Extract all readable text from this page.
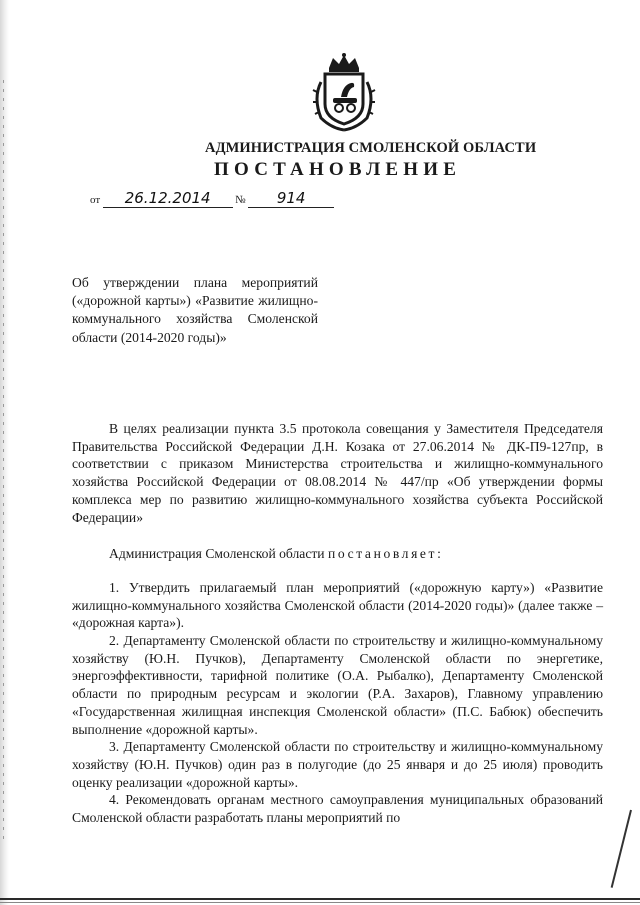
АДМИНИСТРАЦИЯ СМОЛЕНСКОЙ ОБЛАСТИ
ПОСТАНОВЛЕНИЕ
от 26.12.2014 № 914
Об утверждении плана мероприятий («дорожной карты») «Развитие жилищно-коммунального хозяйства Смоленской области (2014-2020 годы)»

В целях реализации пункта 3.5 протокола совещания у Заместителя Председателя Правительства Российской Федерации Д.Н. Козака от 27.06.2014 № ДК-П9-127пр, в соответствии с приказом Министерства строительства и жилищно-коммунального хозяйства Российской Федерации от 08.08.2014 № 447/пр «Об утверждении формы комплекса мер по развитию жилищно-коммунального хозяйства субъекта Российской Федерации»

Администрация Смоленской области постановляет:

1. Утвердить прилагаемый план мероприятий («дорожную карту») «Развитие жилищно-коммунального хозяйства Смоленской области (2014-2020 годы)» (далее также – «дорожная карта»).

2. Департаменту Смоленской области по строительству и жилищно-коммунальному хозяйству (Ю.Н. Пучков), Департаменту Смоленской области по энергетике, энергоэффективности, тарифной политике (О.А. Рыбалко), Департаменту Смоленской области по природным ресурсам и экологии (Р.А. Захаров), Главному управлению «Государственная жилищная инспекция Смоленской области» (П.С. Бабюк) обеспечить выполнение «дорожной карты».

3. Департаменту Смоленской области по строительству и жилищно-коммунальному хозяйству (Ю.Н. Пучков) один раз в полугодие (до 25 января и до 25 июля) проводить оценку реализации «дорожной карты».

4. Рекомендовать органам местного самоуправления муниципальных образований Смоленской области разработать планы мероприятий по
